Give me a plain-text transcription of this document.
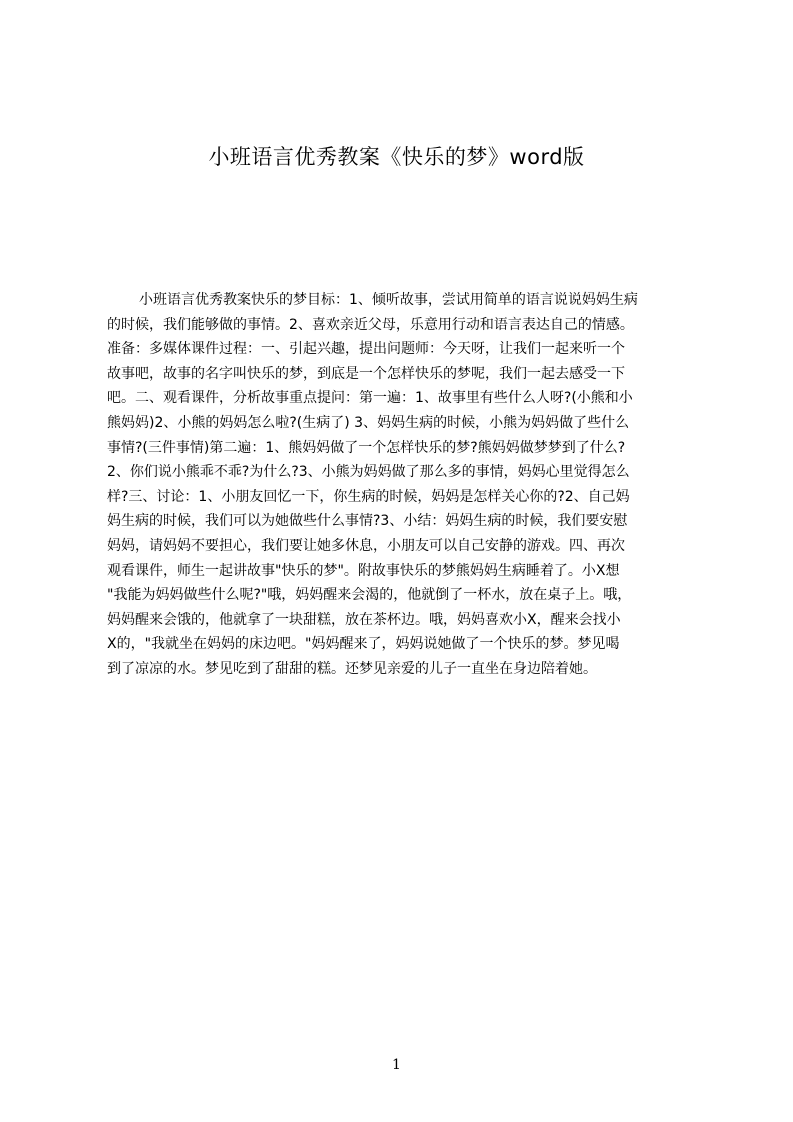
小班语言优秀教案《快乐的梦》word版
小班语言优秀教案快乐的梦目标：1、倾听故事，尝试用简单的语言说说妈妈生病
的时候，我们能够做的事情。2、喜欢亲近父母，乐意用行动和语言表达自己的情感。
准备：多媒体课件过程：一、引起兴趣，提出问题师：今天呀，让我们一起来听一个
故事吧，故事的名字叫快乐的梦，到底是一个怎样快乐的梦呢，我们一起去感受一下
吧。二、观看课件，分析故事重点提问：第一遍：1、故事里有些什么人呀?(小熊和小
熊妈妈)2、小熊的妈妈怎么啦?(生病了) 3、妈妈生病的时候，小熊为妈妈做了些什么
事情?(三件事情)第二遍：1、熊妈妈做了一个怎样快乐的梦?熊妈妈做梦梦到了什么?
2、你们说小熊乖不乖?为什么?3、小熊为妈妈做了那么多的事情，妈妈心里觉得怎么
样?三、讨论：1、小朋友回忆一下，你生病的时候，妈妈是怎样关心你的?2、自己妈
妈生病的时候，我们可以为她做些什么事情?3、小结：妈妈生病的时候，我们要安慰
妈妈，请妈妈不要担心，我们要让她多休息，小朋友可以自己安静的游戏。四、再次
观看课件，师生一起讲故事"快乐的梦"。附故事快乐的梦熊妈妈生病睡着了。小X想
"我能为妈妈做些什么呢?"哦，妈妈醒来会渴的，他就倒了一杯水，放在桌子上。哦，
妈妈醒来会饿的，他就拿了一块甜糕，放在茶杯边。哦，妈妈喜欢小X，醒来会找小
X的，"我就坐在妈妈的床边吧。"妈妈醒来了，妈妈说她做了一个快乐的梦。梦见喝
到了凉凉的水。梦见吃到了甜甜的糕。还梦见亲爱的儿子一直坐在身边陪着她。
1
